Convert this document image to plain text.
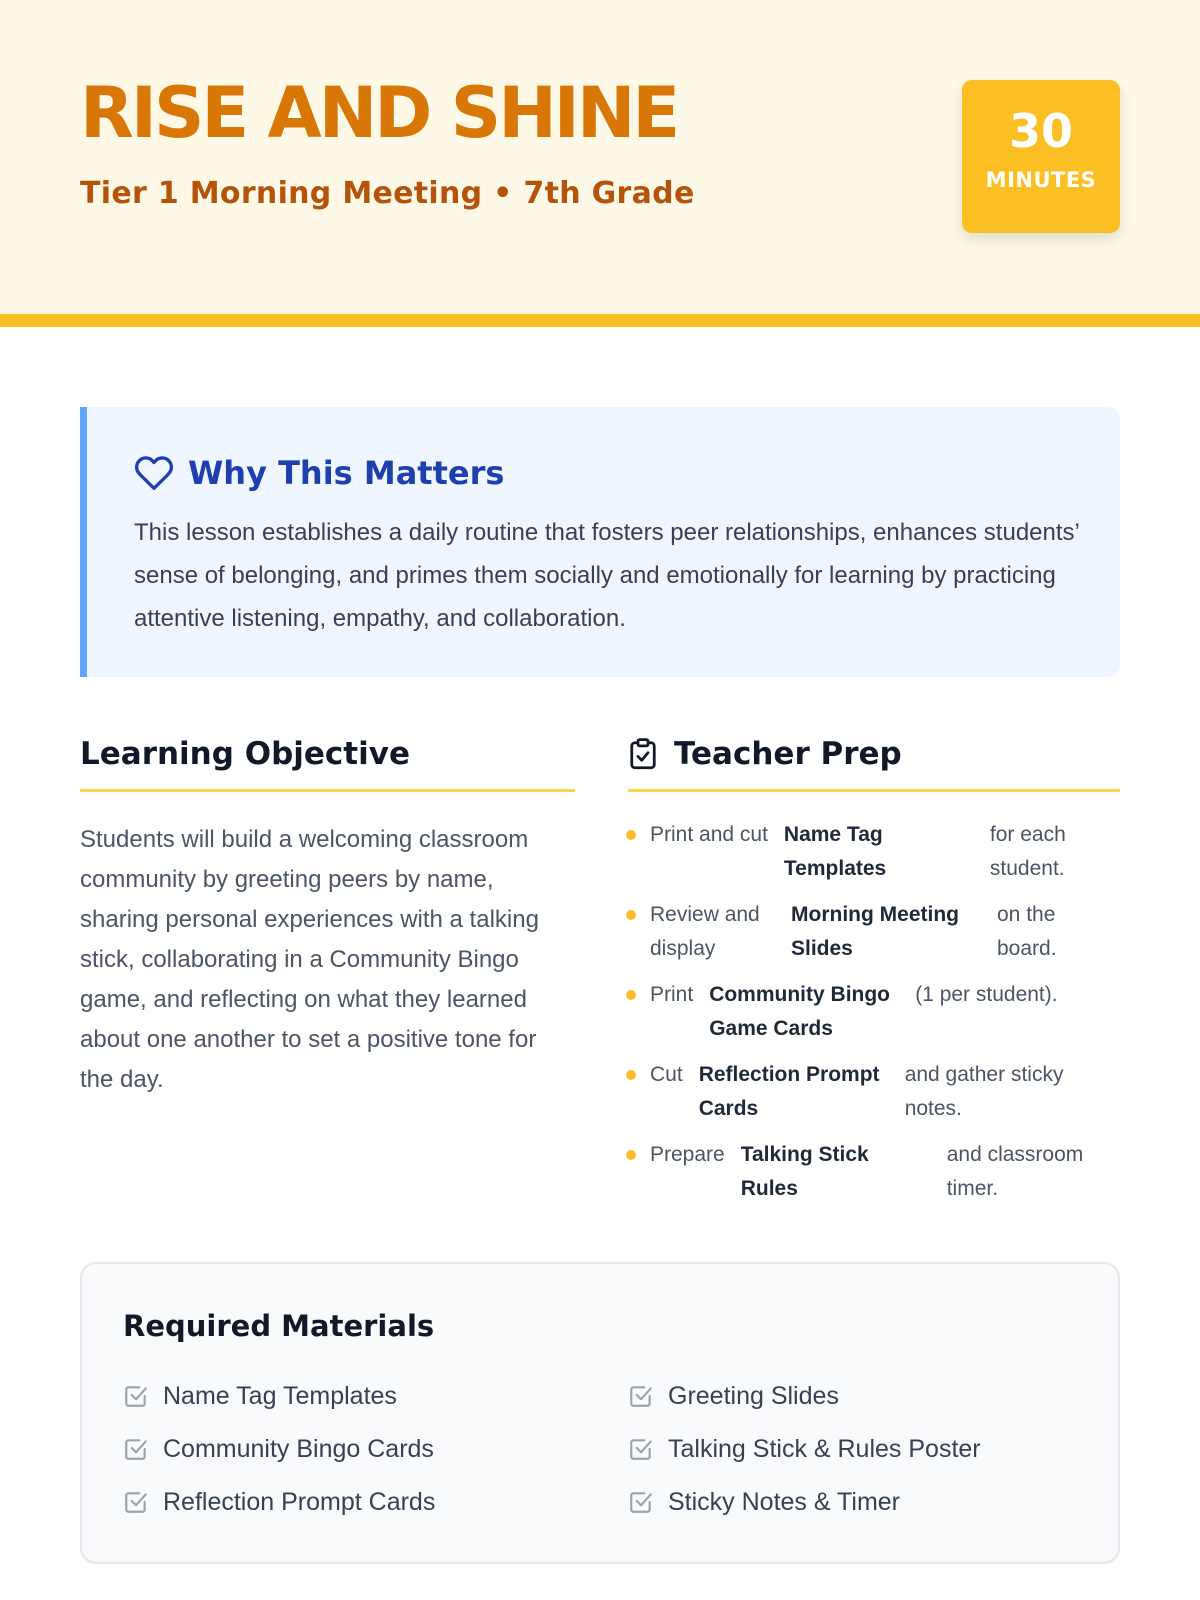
RISE AND SHINE
Tier 1 Morning Meeting • 7th Grade
30
MINUTES
Why This Matters

This lesson establishes a daily routine that fosters peer relationships, enhances students’ sense of belonging, and primes them socially and emotionally for learning by practicing attentive listening, empathy, and collaboration.

Learning Objective

Students will build a welcoming classroom community by greeting peers by name, sharing personal experiences with a talking stick, collaborating in a Community Bingo game, and reflecting on what they learned about one another to set a positive tone for the day.

Teacher Prep
Print and cut Name Tag Templates
for each student.
Review and display
Morning Meeting Slides
on the board.
Print Community Bingo Game Cards
(1 per student).
Cut Reflection Prompt Cards
and gather sticky notes.
Prepare Talking Stick Rules
and classroom timer.
Required Materials
Name Tag Templates
Community Bingo Cards
Reflection Prompt Cards
Greeting Slides
Talking Stick & Rules Poster
Sticky Notes & Timer
